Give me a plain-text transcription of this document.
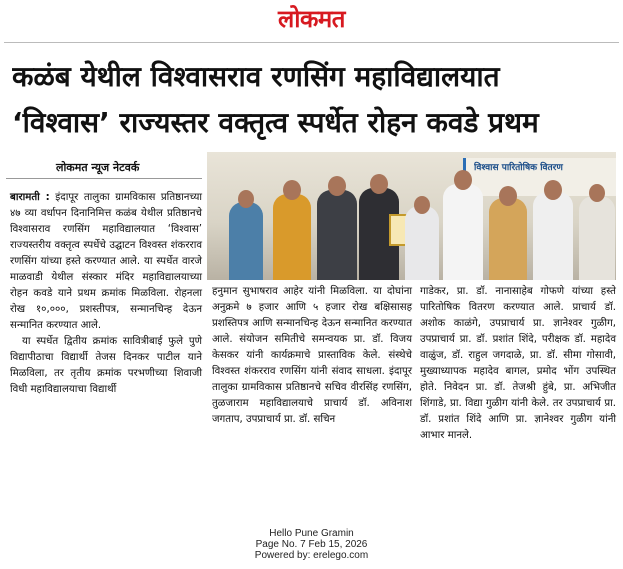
लोकमत
कळंब येथील विश्वासराव रणसिंग महाविद्यालयात
‘विश्वास’ राज्यस्तर वक्तृत्व स्पर्धेत रोहन कवडे प्रथम
लोकमत न्यूज नेटवर्क	विश्वास पारितोषिक वितरण

बारामती : इंदापूर तालुका ग्रामविकास प्रतिष्ठानच्या ४७ व्या वर्धापन दिनानिमित्त कळंब येथील प्रतिष्ठानचे विश्वासराव रणसिंग महाविद्यालयात ‘विश्वास’ राज्यस्तरीय वक्तृत्व स्पर्धेचे उद्घाटन विश्वस्त शंकरराव रणसिंग यांच्या हस्ते करण्यात आले. या स्पर्धेत वारजे माळवाडी येथील संस्कार मंदिर महाविद्यालयाच्या रोहन कवडे याने प्रथम क्रमांक मिळविला. रोहनला रोख १०,०००, प्रशस्तीपत्र, सन्मानचिन्ह देऊन सन्मानित करण्यात आले.

या स्पर्धेत द्वितीय क्रमांक सावित्रीबाई फुले पुणे विद्यापीठाचा विद्यार्थी तेजस दिनकर पाटील याने मिळविला, तर तृतीय क्रमांक परभणीच्या शिवाजी विधी महाविद्यालयाचा विद्यार्थी

हनुमान सुभाषराव आहेर यांनी मिळविला. या दोघांना अनुक्रमे ७ हजार आणि ५ हजार रोख बक्षिसासह प्रशस्तिपत्र आणि सन्मानचिन्ह देऊन सन्मानित करण्यात आले. संयोजन समितीचे समन्वयक प्रा. डॉ. विजय केसकर यांनी कार्यक्रमाचे प्रास्ताविक केले. संस्थेचे विश्वस्त शंकरराव रणसिंग यांनी संवाद साधला. इंदापूर तालुका ग्रामविकास प्रतिष्ठानचे सचिव वीरसिंह रणसिंग, तुळजाराम महाविद्यालयाचे प्राचार्य डॉ. अविनाश जगताप, उपप्राचार्य प्रा. डॉ. सचिन

गाडेकर, प्रा. डॉ. नानासाहेब गोफणे यांच्या हस्ते पारितोषिक वितरण करण्यात आले. प्राचार्य डॉ. अशोक काळंगे, उपप्राचार्य प्रा. ज्ञानेश्वर गुळीग, उपप्राचार्य प्रा. डॉ. प्रशांत शिंदे, परीक्षक डॉ. महादेव वाळुंज, डॉ. राहुल जगदाळे, प्रा. डॉ. सीमा गोसावी, मुख्याध्यापक महादेव बागल, प्रमोद भोंग उपस्थित होते. निवेदन प्रा. डॉ. तेजश्री हुंबे, प्रा. अभिजीत शिंगाडे, प्रा. विद्या गुळीग यांनी केले. तर उपप्राचार्य प्रा. डॉ. प्रशांत शिंदे आणि प्रा. ज्ञानेश्वर गुळीग यांनी आभार मानले.

Hello Pune Gramin
Page No. 7 Feb 15, 2026
Powered by: erelego.com
